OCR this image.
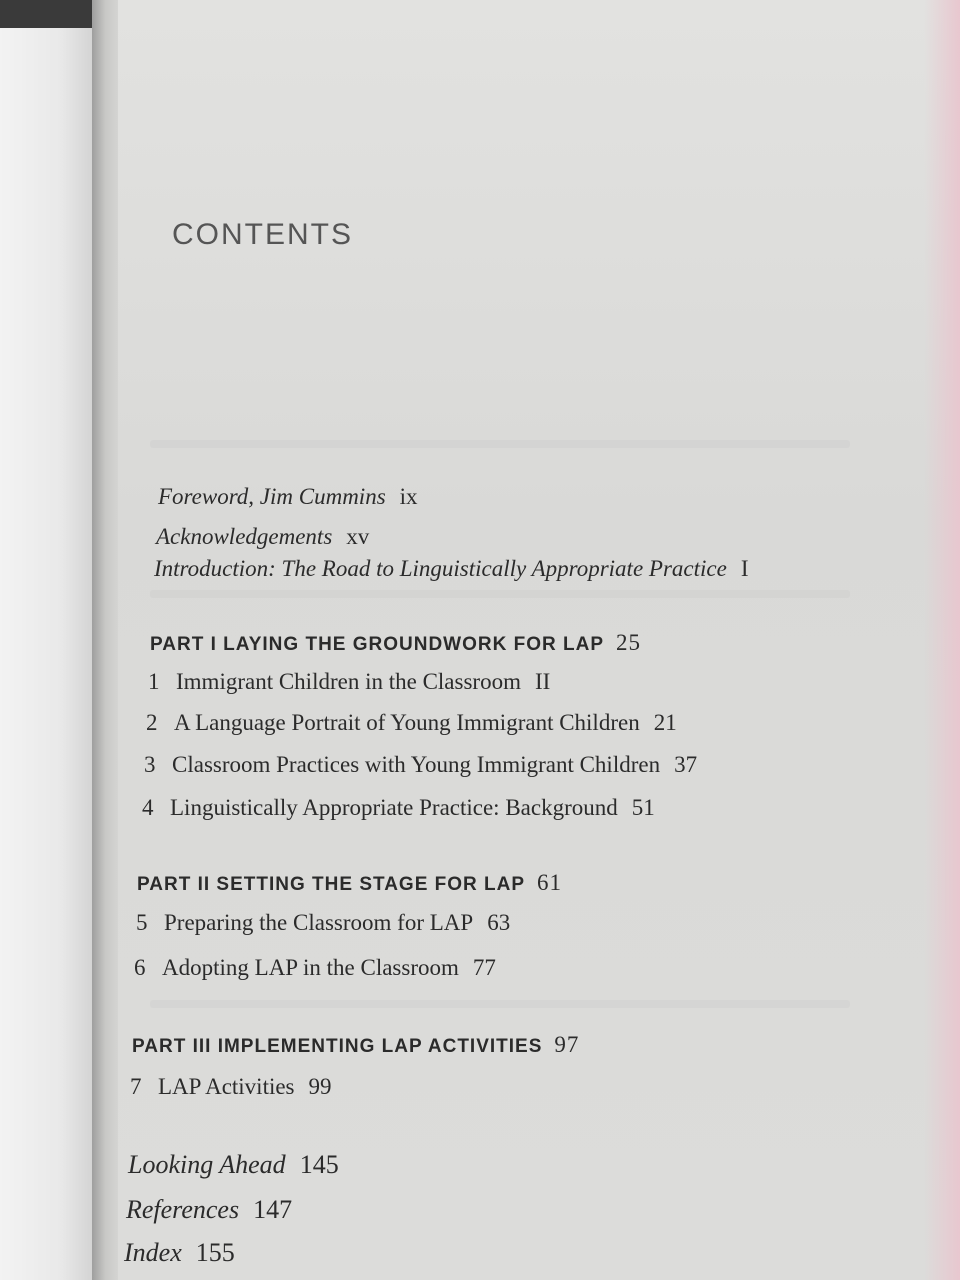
CONTENTS
Foreword, Jim Cummins ix
Acknowledgements xv
Introduction: The Road to Linguistically Appropriate Practice I
PART I LAYING THE GROUNDWORK FOR LAP 25
1 Immigrant Children in the Classroom II
2 A Language Portrait of Young Immigrant Children 21
3 Classroom Practices with Young Immigrant Children 37
4 Linguistically Appropriate Practice: Background 51
PART II SETTING THE STAGE FOR LAP 61
5 Preparing the Classroom for LAP 63
6 Adopting LAP in the Classroom 77
PART III IMPLEMENTING LAP ACTIVITIES 97
7 LAP Activities 99
Looking Ahead 145
References 147
Index 155
